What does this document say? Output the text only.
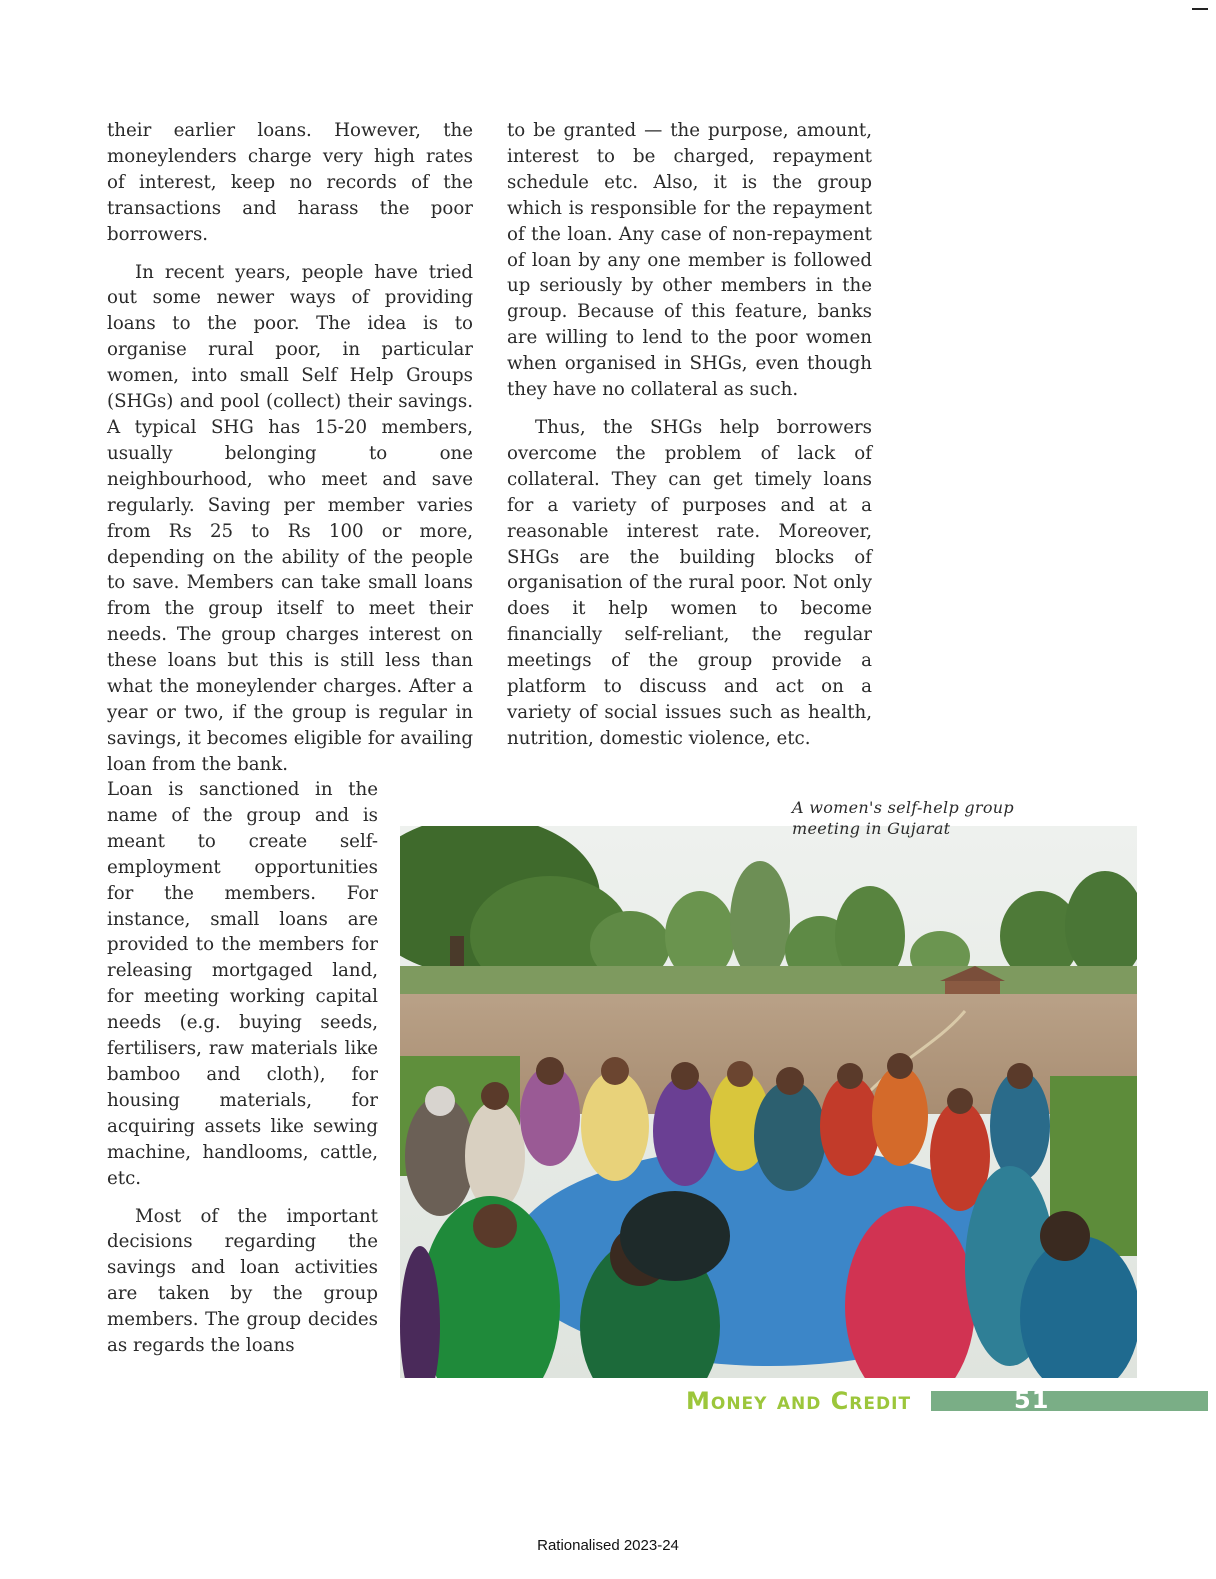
their earlier loans. However, the moneylenders charge very high rates of interest, keep no records of the transactions and harass the poor borrowers.

In recent years, people have tried out some newer ways of providing loans to the poor. The idea is to organise rural poor, in particular women, into small Self Help Groups (SHGs) and pool (collect) their savings. A typical SHG has 15-20 members, usually belonging to one neighbourhood, who meet and save regularly. Saving per member varies from Rs 25 to Rs 100 or more, depending on the ability of the people to save. Members can take small loans from the group itself to meet their needs. The group charges interest on these loans but this is still less than what the moneylender charges. After a year or two, if the group is regular in savings, it becomes eligible for availing loan from the bank.

Loan is sanctioned in the name of the group and is meant to create self-employment opportunities for the members. For instance, small loans are provided to the members for releasing mortgaged land, for meeting working capital needs (e.g. buying seeds, fertilisers, raw materials like bamboo and cloth), for housing materials, for acquiring assets like sewing machine, handlooms, cattle, etc.

Most of the important decisions regarding the savings and loan activities are taken by the group members. The group decides as regards the loans

to be granted — the purpose, amount, interest to be charged, repayment schedule etc. Also, it is the group which is responsible for the repayment of the loan. Any case of non-repayment of loan by any one member is followed up seriously by other members in the group. Because of this feature, banks are willing to lend to the poor women when organised in SHGs, even though they have no collateral as such.

Thus, the SHGs help borrowers overcome the problem of lack of collateral. They can get timely loans for a variety of purposes and at a reasonable interest rate. Moreover, SHGs are the building blocks of organisation of the rural poor. Not only does it help women to become financially self-reliant, the regular meetings of the group provide a platform to discuss and act on a variety of social issues such as health, nutrition, domestic violence, etc.

A women's self-help group
meeting in Gujarat
Money and Credit	51
Rationalised 2023-24
